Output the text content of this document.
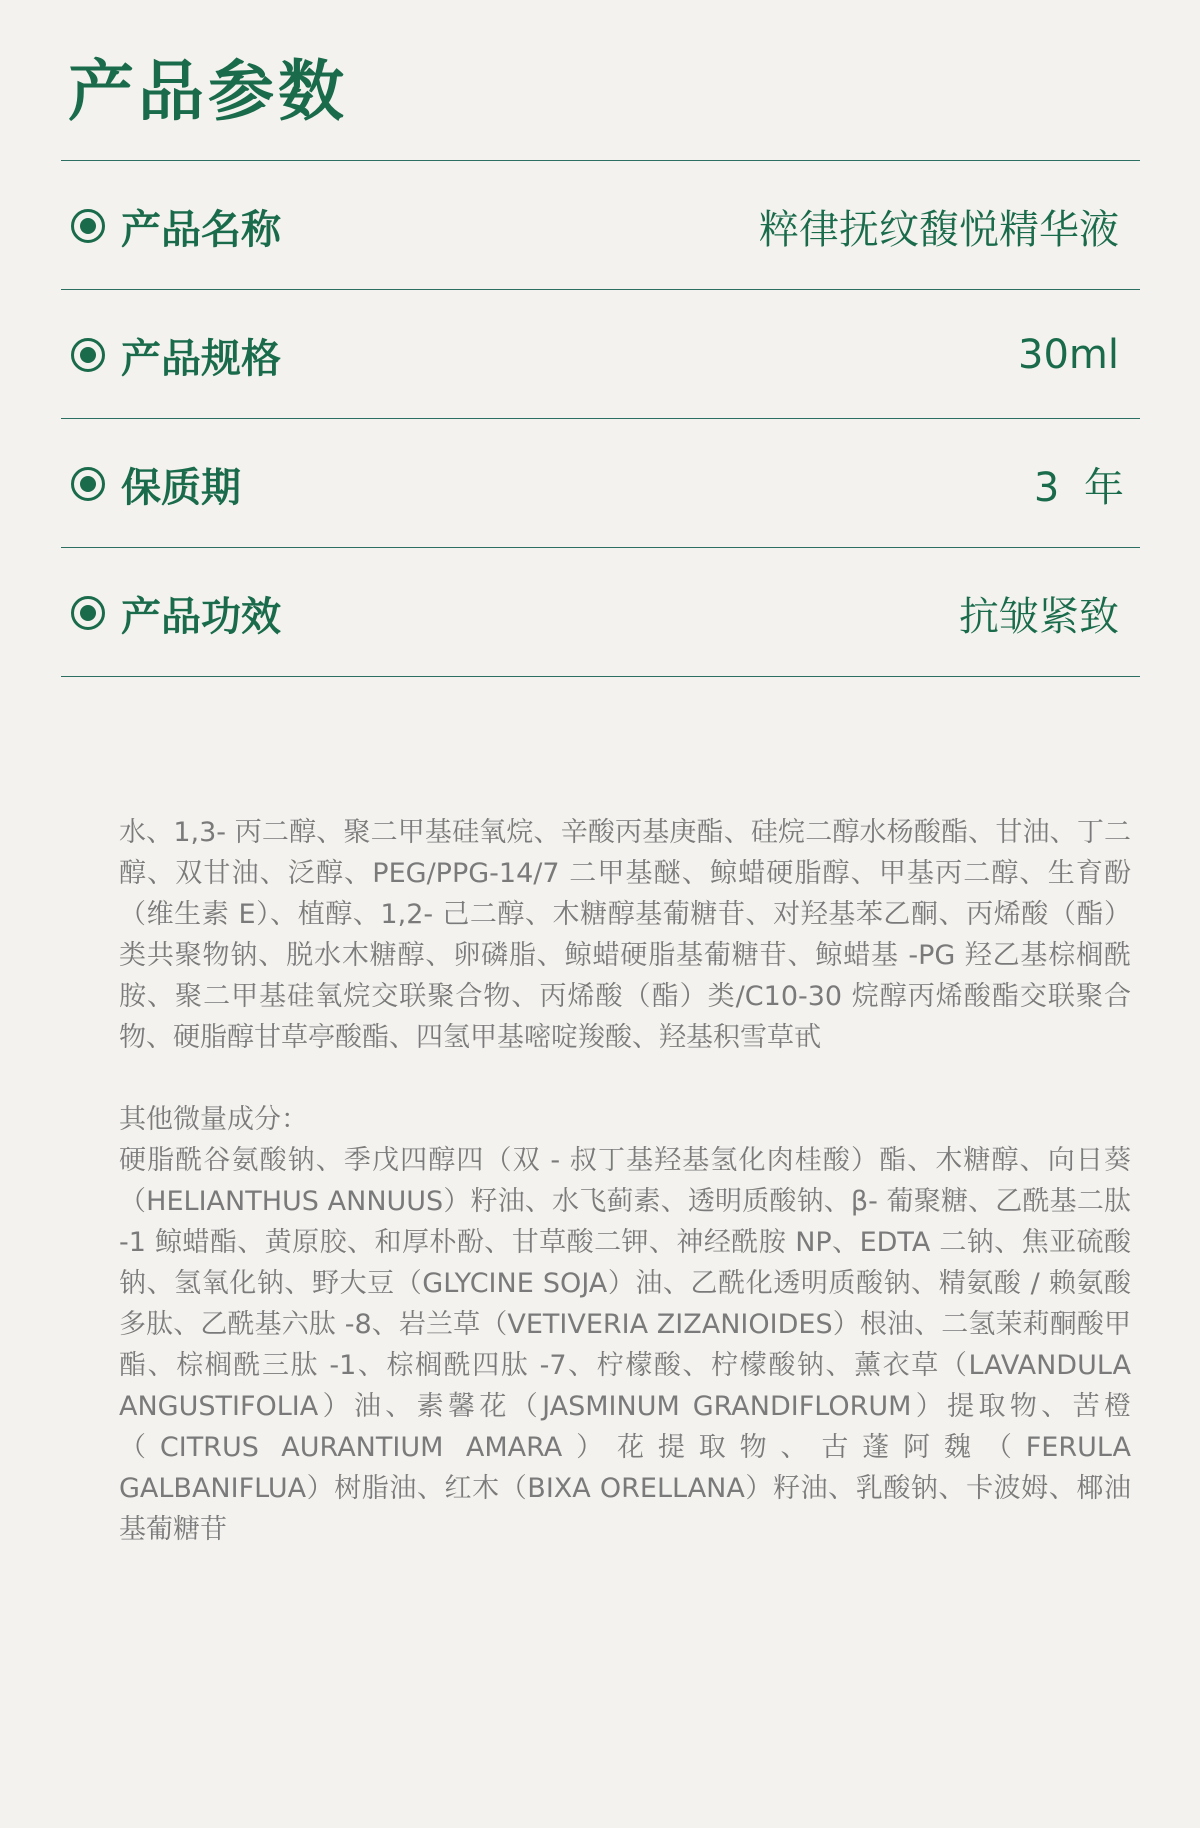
产品参数
产品名称	粹律抚纹馥悦精华液
产品规格	30ml
保质期	3 年
产品功效	抗皱紧致

水、1,3- 丙二醇、聚二甲基硅氧烷、辛酸丙基庚酯、硅烷二醇水杨酸酯、甘油、丁二醇、双甘油、泛醇、PEG/PPG-14/7 二甲基醚、鲸蜡硬脂醇、甲基丙二醇、生育酚（维生素 E）、植醇、1,2- 己二醇、木糖醇基葡糖苷、对羟基苯乙酮、丙烯酸（酯）类共聚物钠、脱水木糖醇、卵磷脂、鲸蜡硬脂基葡糖苷、鲸蜡基 -PG 羟乙基棕榈酰胺、聚二甲基硅氧烷交联聚合物、丙烯酸（酯）类/C10-30 烷醇丙烯酸酯交联聚合物、硬脂醇甘草亭酸酯、四氢甲基嘧啶羧酸、羟基积雪草甙

其他微量成分：

硬脂酰谷氨酸钠、季戊四醇四（双 - 叔丁基羟基氢化肉桂酸）酯、木糖醇、向日葵（HELIANTHUS ANNUUS）籽油、水飞蓟素、透明质酸钠、β- 葡聚糖、乙酰基二肽 -1 鲸蜡酯、黄原胶、和厚朴酚、甘草酸二钾、神经酰胺 NP、EDTA 二钠、焦亚硫酸钠、氢氧化钠、野大豆（GLYCINE SOJA）油、乙酰化透明质酸钠、精氨酸 / 赖氨酸多肽、乙酰基六肽 -8、岩兰草（VETIVERIA ZIZANIOIDES）根油、二氢茉莉酮酸甲酯、棕榈酰三肽 -1、棕榈酰四肽 -7、柠檬酸、柠檬酸钠、薰衣草（LAVANDULA ANGUSTIFOLIA）油、素馨花（JASMINUM GRANDIFLORUM）提取物、苦橙（CITRUS AURANTIUM AMARA）花提取物、古蓬阿魏（FERULA GALBANIFLUA）树脂油、红木（BIXA ORELLANA）籽油、乳酸钠、卡波姆、椰油基葡糖苷
